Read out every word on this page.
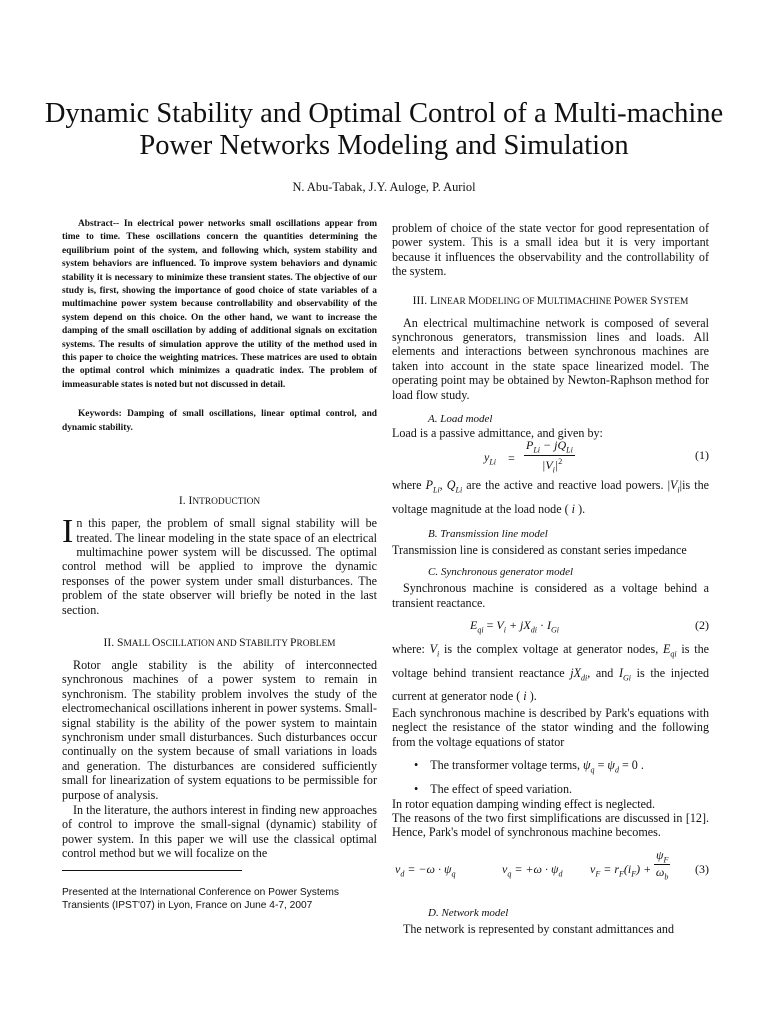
Dynamic Stability and Optimal Control of a Multi-machine Power Networks Modeling and Simulation
N. Abu-Tabak, J.Y. Auloge, P. Auriol

Abstract-- In electrical power networks small oscillations appear from time to time. These oscillations concern the quantities determining the equilibrium point of the system, and following which, system stability and system behaviors are influenced. To improve system behaviors and dynamic stability it is necessary to minimize these transient states. The objective of our study is, first, showing the importance of good choice of state variables of a multimachine power system because controllability and observability of the system depend on this choice. On the other hand, we want to increase the damping of the small oscillation by adding of additional signals on excitation systems. The results of simulation approve the utility of the method used in this paper to choice the weighting matrices. These matrices are used to obtain the optimal control which minimizes a quadratic index. The problem of immeasurable states is noted but not discussed in detail.

Keywords: Damping of small oscillations, linear optimal control, and dynamic stability.

I. INTRODUCTION

In this paper, the problem of small signal stability will be treated. The linear modeling in the state space of an electrical multimachine power system will be discussed. The optimal control method will be applied to improve the dynamic responses of the power system under small disturbances. The problem of the state observer will briefly be noted in the last section.

II. SMALL OSCILLATION AND STABILITY PROBLEM

Rotor angle stability is the ability of interconnected synchronous machines of a power system to remain in synchronism. The stability problem involves the study of the electromechanical oscillations inherent in power systems. Small-signal stability is the ability of the power system to maintain synchronism under small disturbances. Such disturbances occur continually on the system because of small variations in loads and generation. The disturbances are considered sufficiently small for linearization of system equations to be permissible for purpose of analysis.

In the literature, the authors interest in finding new approaches of control to improve the small-signal (dynamic) stability of power system. In this paper we will use the classical optimal control method but we will focalize on the

problem of choice of the state vector for good representation of power system. This is a small idea but it is very important because it influences the observability and the controllability of the system.

III. LINEAR MODELING OF MULTIMACHINE POWER SYSTEM

An electrical multimachine network is composed of several synchronous generators, transmission lines and loads. All elements and interactions between synchronous machines are taken into account in the state space linearized model. The operating point may be obtained by Newton-Raphson method for load flow study.

A. Load model

Load is a passive admittance, and given by:

$y_{Li}$ =
$P_{Li} - jQ_{Li}$
$|V_i|^2$	(1)

where $P_{Li}$, $Q_{Li}$ are the active and reactive load powers. $|V_i|is$ the voltage magnitude at the load node ( i ).

B. Transmission line model

Transmission line is considered as constant series impedance

C. Synchronous generator model

Synchronous machine is considered as a voltage behind a transient reactance.

$E_{qi} = V_i + jX_{di} \cdot I_{Gi}$	(2)

where: $V_i$ is the complex voltage at generator nodes, $E_{qi}$ is the voltage behind transient reactance $jX_{di}$, and $I_{Gi}$ is the injected current at generator node ( i ).

Each synchronous machine is described by Park's equations with neglect the resistance of the stator winding and the following from the voltage equations of stator

• The transformer voltage terms, $\psi_q = \psi_d = 0$ .
• The effect of speed variation.

In rotor equation damping winding effect is neglected.

The reasons of the two first simplifications are discussed in [12]. Hence, Park's model of synchronous machine becomes.

$v_d = -\omega \cdot \psi_q$	$v_q = +\omega \cdot \psi_d$ $v_F = r_F(i_F)$ +
$\psi_F$
$\omega_b$
(3)

D. Network model

The network is represented by constant admittances and

Presented at the International Conference on Power Systems Transients (IPST'07) in Lyon, France on June 4-7, 2007
